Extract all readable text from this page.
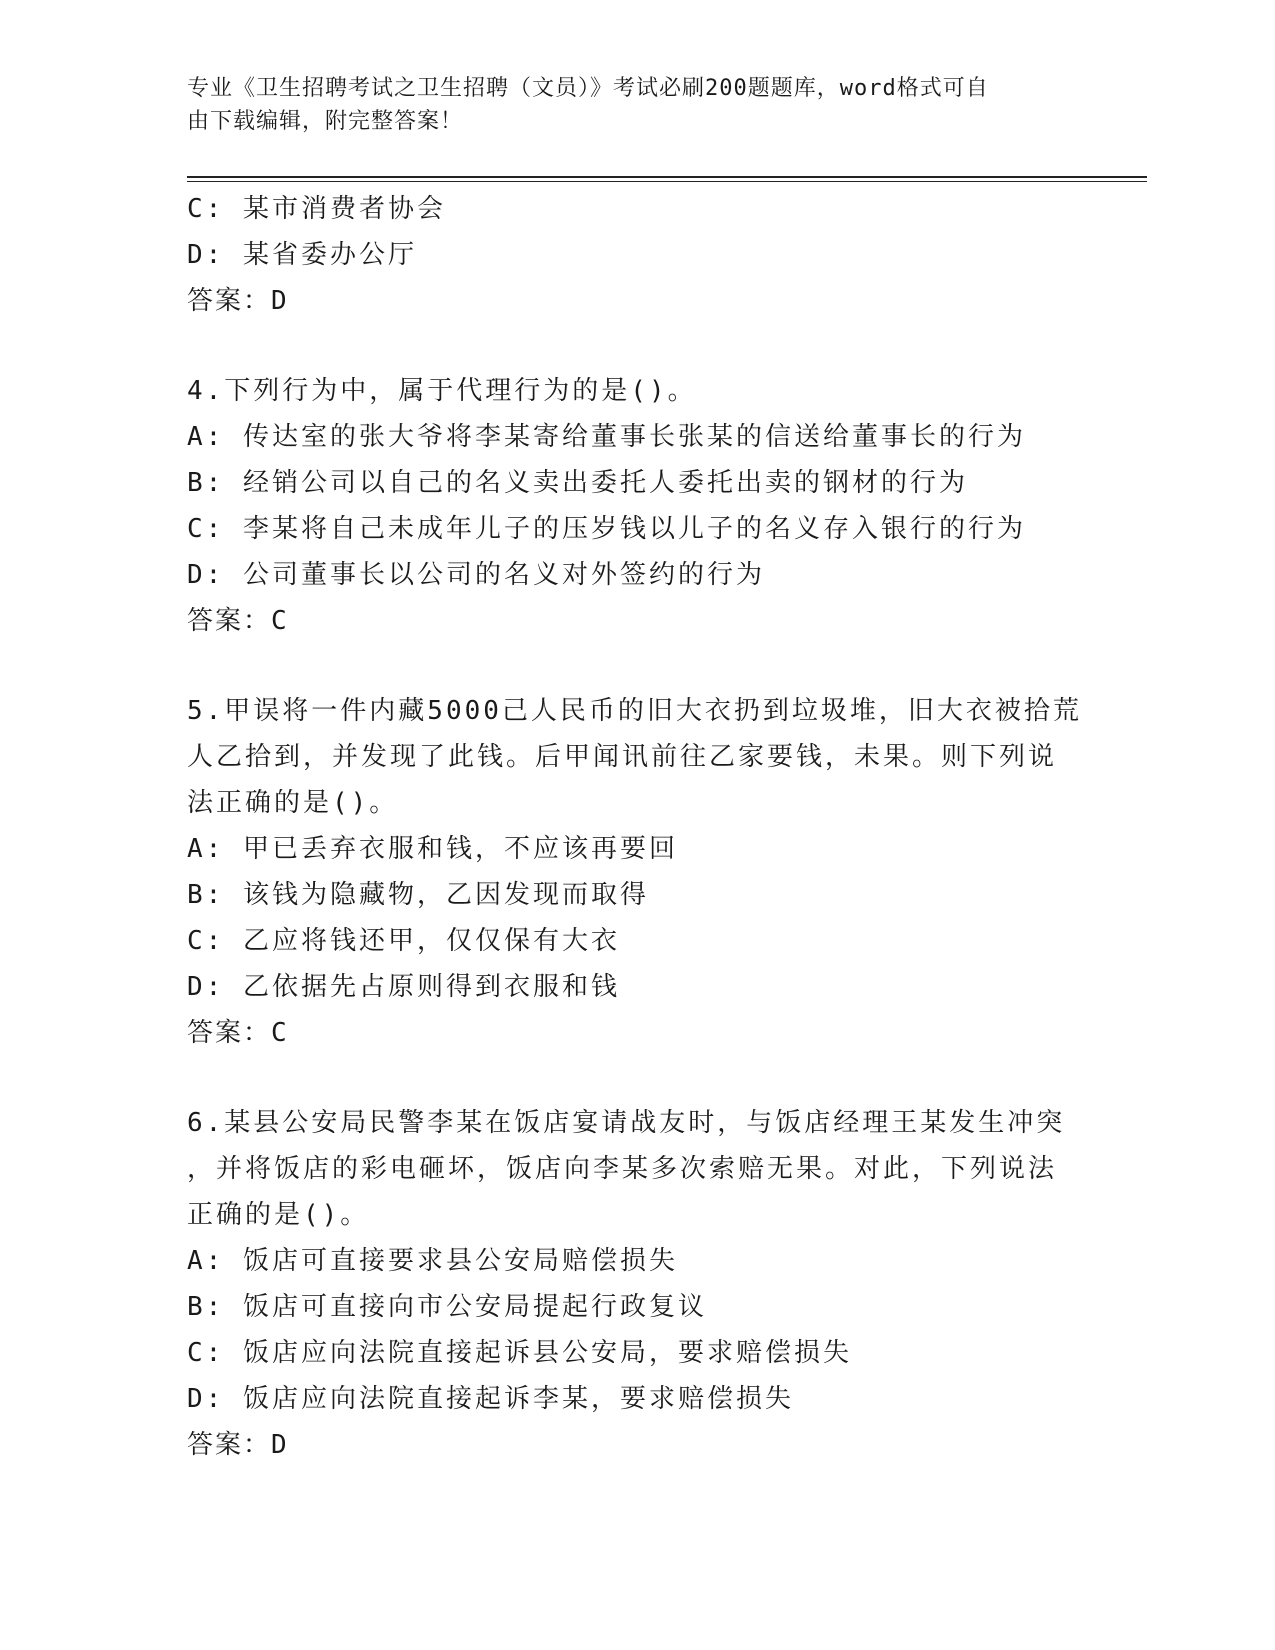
专业《卫生招聘考试之卫生招聘（文员）》考试必刷200题题库，word格式可自
由下载编辑，附完整答案！
C: 某市消费者协会
D: 某省委办公厅
答案：D
4.下列行为中，属于代理行为的是()。
A: 传达室的张大爷将李某寄给董事长张某的信送给董事长的行为
B: 经销公司以自己的名义卖出委托人委托出卖的钢材的行为
C: 李某将自己未成年儿子的压岁钱以儿子的名义存入银行的行为
D: 公司董事长以公司的名义对外签约的行为
答案：C
5.甲误将一件内藏5000己人民币的旧大衣扔到垃圾堆，旧大衣被拾荒
人乙拾到，并发现了此钱。后甲闻讯前往乙家要钱，未果。则下列说
法正确的是()。
A: 甲已丢弃衣服和钱，不应该再要回
B: 该钱为隐藏物，乙因发现而取得
C: 乙应将钱还甲，仅仅保有大衣
D: 乙依据先占原则得到衣服和钱
答案：C
6.某县公安局民警李某在饭店宴请战友时，与饭店经理王某发生冲突
，并将饭店的彩电砸坏，饭店向李某多次索赔无果。对此，下列说法
正确的是()。
A: 饭店可直接要求县公安局赔偿损失
B: 饭店可直接向市公安局提起行政复议
C: 饭店应向法院直接起诉县公安局，要求赔偿损失
D: 饭店应向法院直接起诉李某，要求赔偿损失
答案：D
